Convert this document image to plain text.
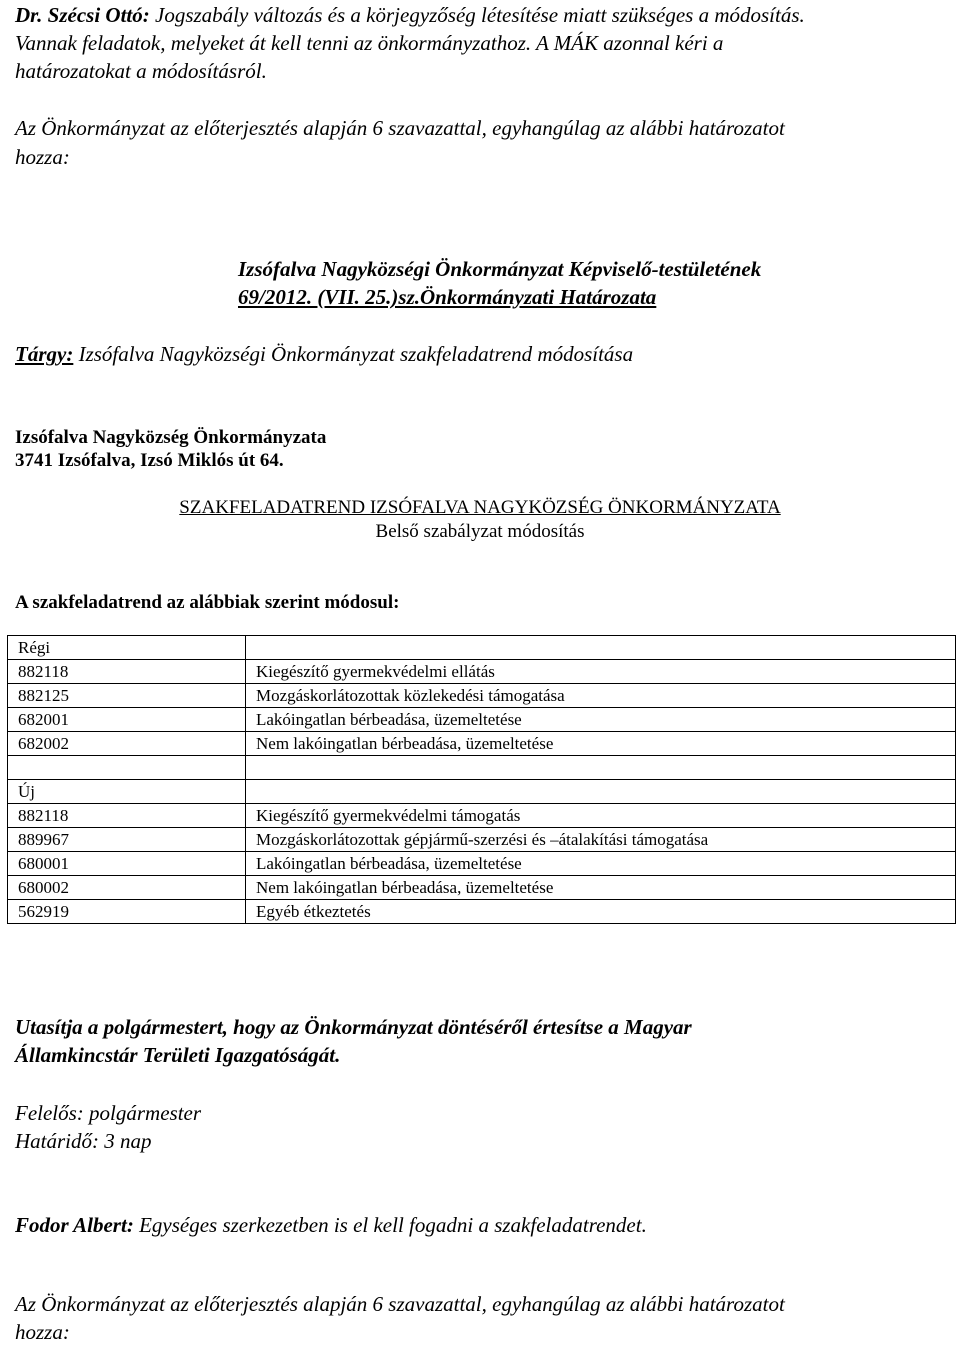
Dr. Szécsi Ottó: Jogszabály változás és a körjegyzőség létesítése miatt szükséges a módosítás.

Vannak feladatok, melyeket át kell tenni az önkormányzathoz. A MÁK azonnal kéri a

határozatokat a módosításról.

Az Önkormányzat az előterjesztés alapján 6 szavazattal, egyhangúlag az alábbi határozatot

hozza:

Izsófalva Nagyközségi Önkormányzat Képviselő-testületének

69/2012. (VII. 25.)sz.Önkormányzati Határozata

Tárgy: Izsófalva Nagyközségi Önkormányzat szakfeladatrend módosítása

Izsófalva Nagyközség Önkormányzata

3741 Izsófalva, Izsó Miklós út 64.

SZAKFELADATREND IZSÓFALVA NAGYKÖZSÉG ÖNKORMÁNYZATA

Belső szabályzat módosítás

A szakfeladatrend az alábbiak szerint módosul:

Régi	
882118	Kiegészítő gyermekvédelmi ellátás
882125	Mozgáskorlátozottak közlekedési támogatása
682001	Lakóingatlan bérbeadása, üzemeltetése
682002	Nem lakóingatlan bérbeadása, üzemeltetése

Új	
882118	Kiegészítő gyermekvédelmi támogatás
889967	Mozgáskorlátozottak gépjármű-szerzési és –átalakítási támogatása
680001	Lakóingatlan bérbeadása, üzemeltetése
680002	Nem lakóingatlan bérbeadása, üzemeltetése
562919	Egyéb étkeztetés

Utasítja a polgármestert, hogy az Önkormányzat döntéséről értesítse a Magyar

Államkincstár Területi Igazgatóságát.

Felelős: polgármester

Határidő: 3 nap

Fodor Albert: Egységes szerkezetben is el kell fogadni a szakfeladatrendet.

Az Önkormányzat az előterjesztés alapján 6 szavazattal, egyhangúlag az alábbi határozatot

hozza:
